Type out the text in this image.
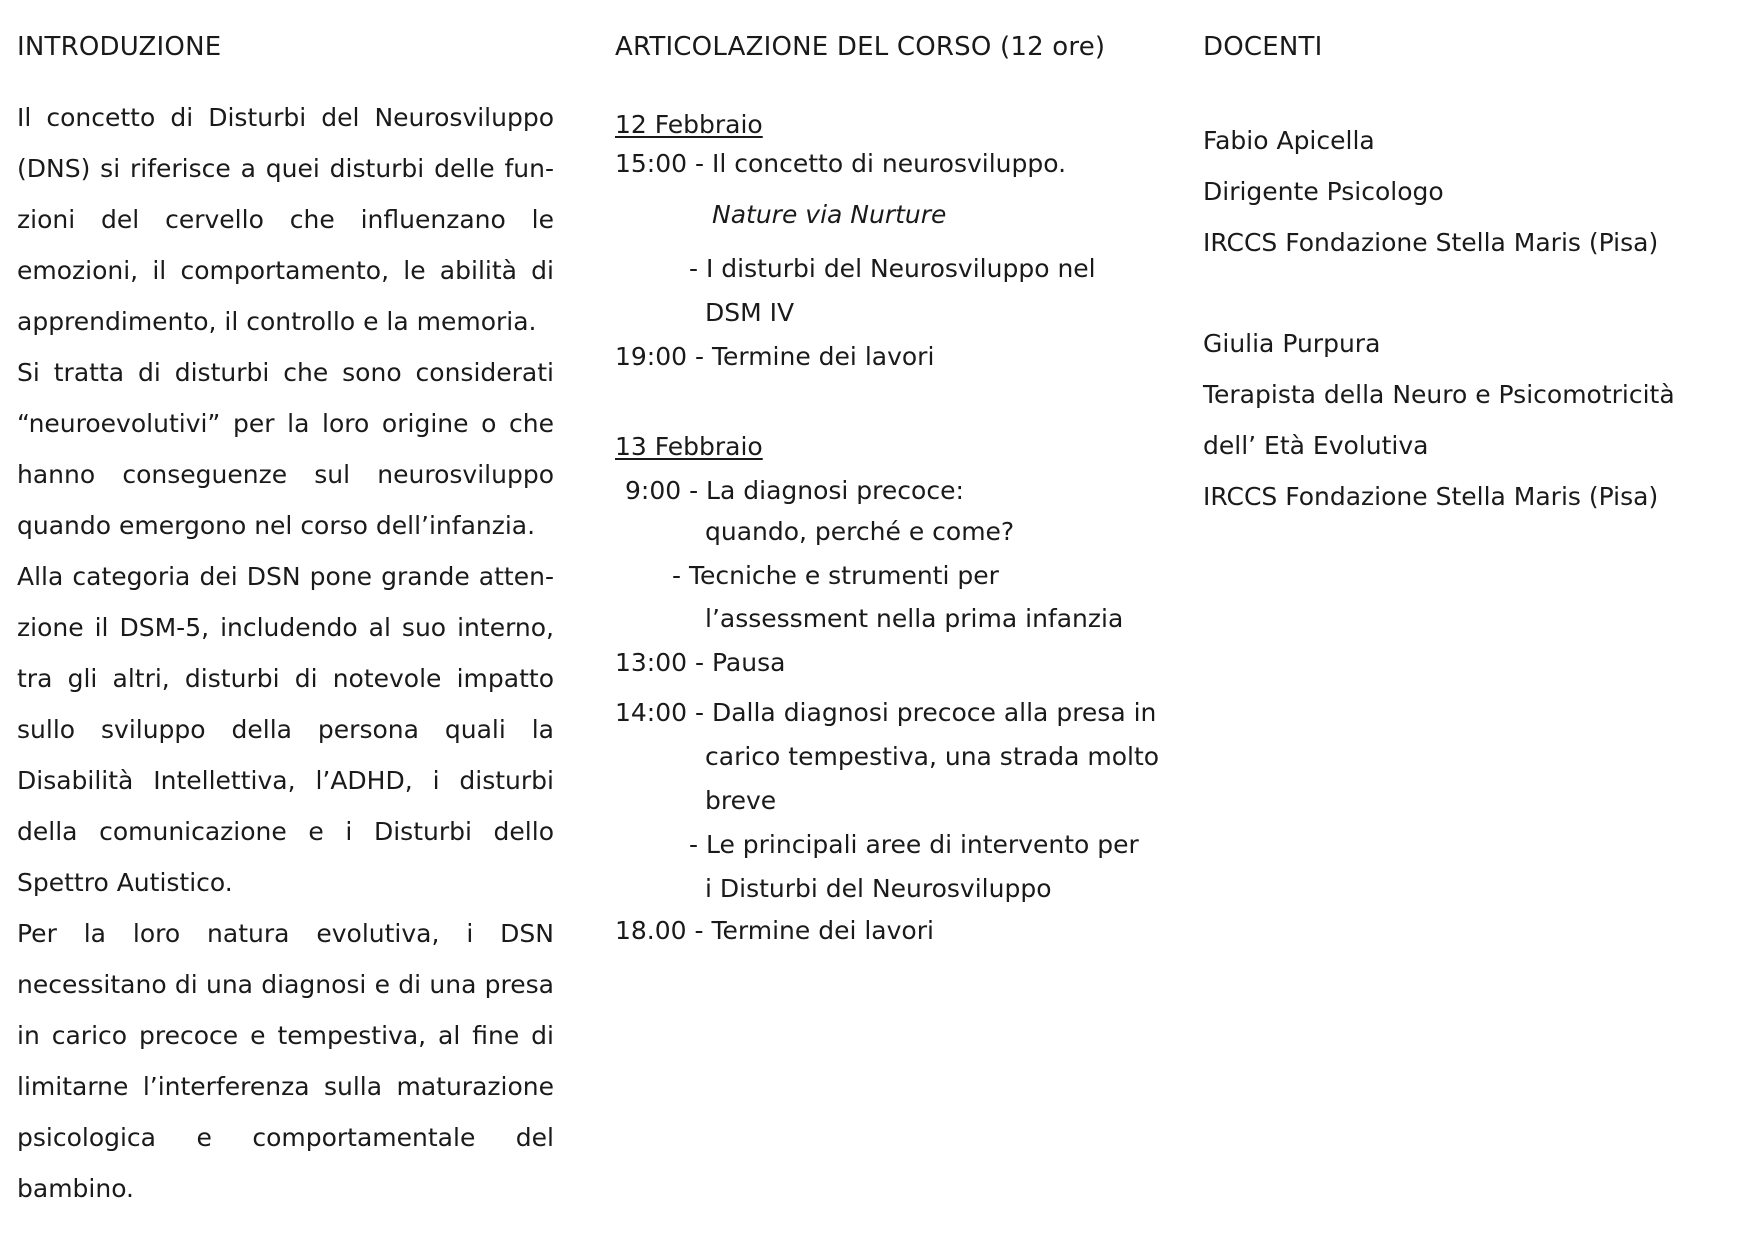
INTRODUZIONE

Il concetto di Disturbi del Neurosviluppo (DNS) si riferisce a quei disturbi delle funzioni del cervello che influenzano le emozioni, il comportamento, le abilità di apprendimento, il controllo e la memoria.

Si tratta di disturbi che sono considerati “neuroevolutivi” per la loro origine o che hanno conseguenze sul neurosviluppo quando emergono nel corso dell’infanzia.

Alla categoria dei DSN pone grande attenzione il DSM-5, includendo al suo interno, tra gli altri, disturbi di notevole impatto sullo sviluppo della persona quali la Disabilità Intellettiva, l’ADHD, i disturbi della comunicazione e i Disturbi dello Spettro Autistico.

Per la loro natura evolutiva, i DSN necessitano di una diagnosi e di una presa in carico precoce e tempestiva, al fine di limitarne l’interferenza sulla maturazione psicologica e comportamentale del bambino.

ARTICOLAZIONE DEL CORSO (12 ore)
12 Febbraio
15:00 - Il concetto di neurosviluppo.
Nature via Nurture
- I disturbi del Neurosviluppo nel
DSM IV
19:00 - Termine dei lavori
13 Febbraio
9:00 - La diagnosi precoce:
quando, perché e come?
- Tecniche e strumenti per
l’assessment nella prima infanzia
13:00 - Pausa
14:00 - Dalla diagnosi precoce alla presa in
carico tempestiva, una strada molto
breve
- Le principali aree di intervento per
i Disturbi del Neurosviluppo
18.00 - Termine dei lavori
DOCENTI
Fabio Apicella
Dirigente Psicologo
IRCCS Fondazione Stella Maris (Pisa)
Giulia Purpura
Terapista della Neuro e Psicomotricità
dell’ Età Evolutiva
IRCCS Fondazione Stella Maris (Pisa)
